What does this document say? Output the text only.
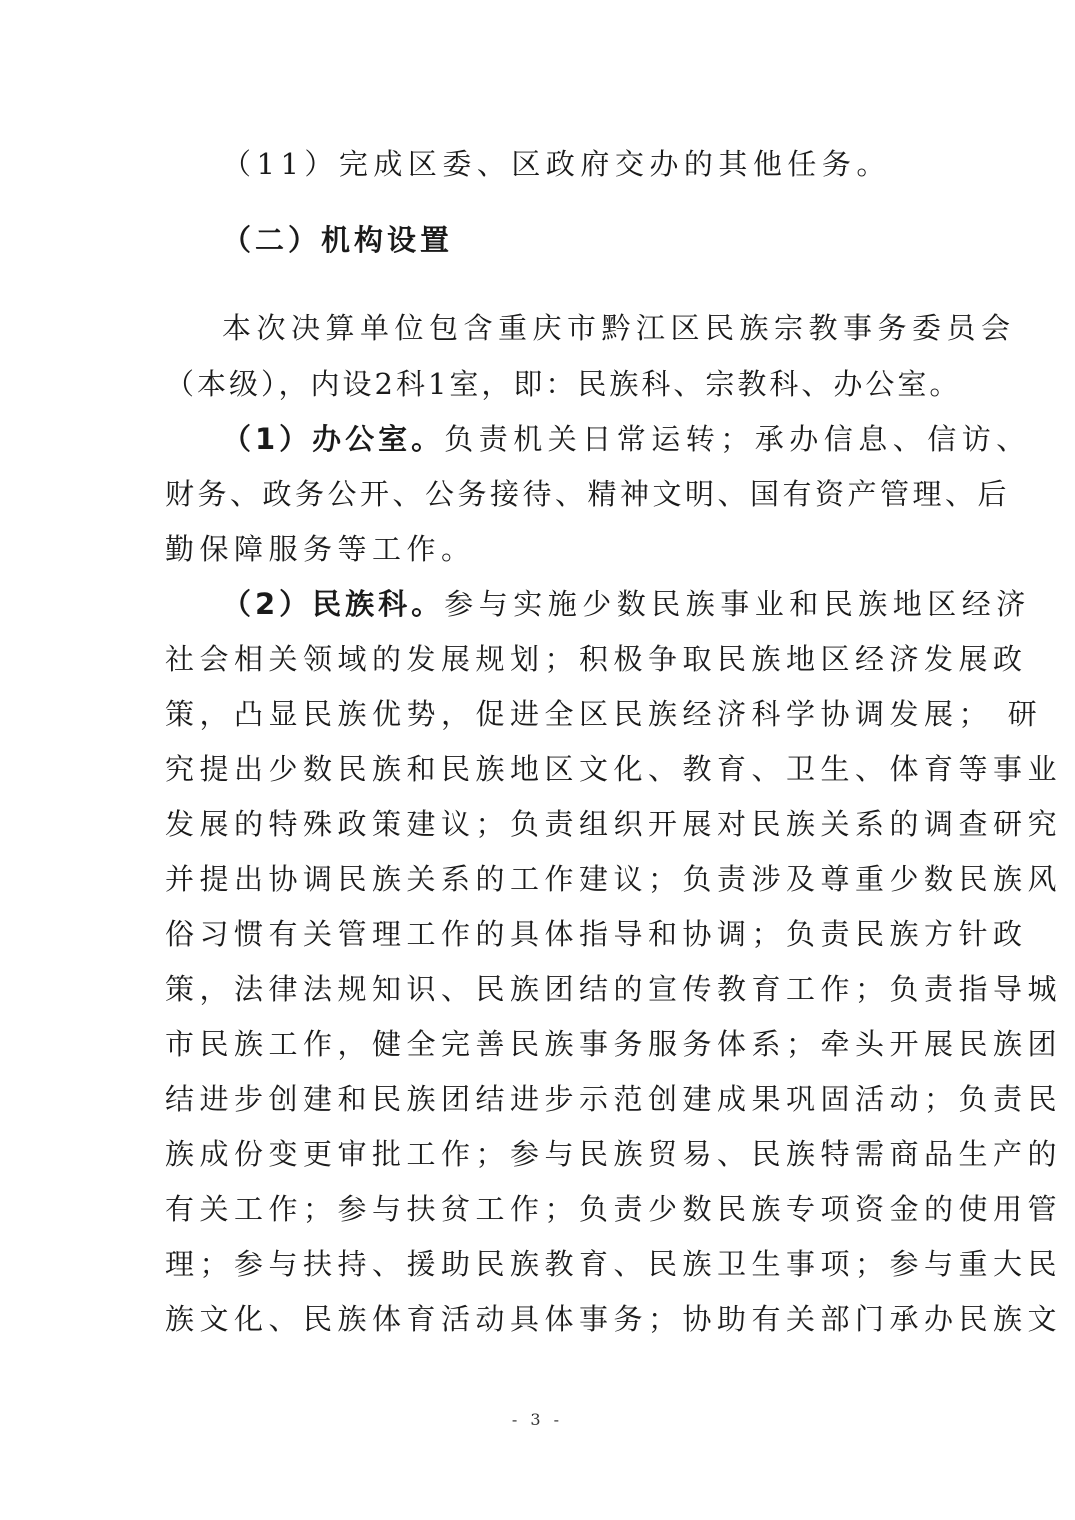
（11）完成区委、区政府交办的其他任务。
（二）机构设置
本次决算单位包含重庆市黔江区民族宗教事务委员会
（本级），内设2科1室，即：民族科、宗教科、办公室。
（1）办公室。负责机关日常运转；承办信息、信访、
财务、政务公开、公务接待、精神文明、国有资产管理、后
勤保障服务等工作。
（2）民族科。参与实施少数民族事业和民族地区经济
社会相关领域的发展规划；积极争取民族地区经济发展政
策，凸显民族优势，促进全区民族经济科学协调发展； 研
究提出少数民族和民族地区文化、教育、卫生、体育等事业
发展的特殊政策建议；负责组织开展对民族关系的调查研究
并提出协调民族关系的工作建议；负责涉及尊重少数民族风
俗习惯有关管理工作的具体指导和协调；负责民族方针政
策，法律法规知识、民族团结的宣传教育工作；负责指导城
市民族工作，健全完善民族事务服务体系；牵头开展民族团
结进步创建和民族团结进步示范创建成果巩固活动；负责民
族成份变更审批工作；参与民族贸易、民族特需商品生产的
有关工作；参与扶贫工作；负责少数民族专项资金的使用管
理；参与扶持、援助民族教育、民族卫生事项；参与重大民
族文化、民族体育活动具体事务；协助有关部门承办民族文
- 3 -
